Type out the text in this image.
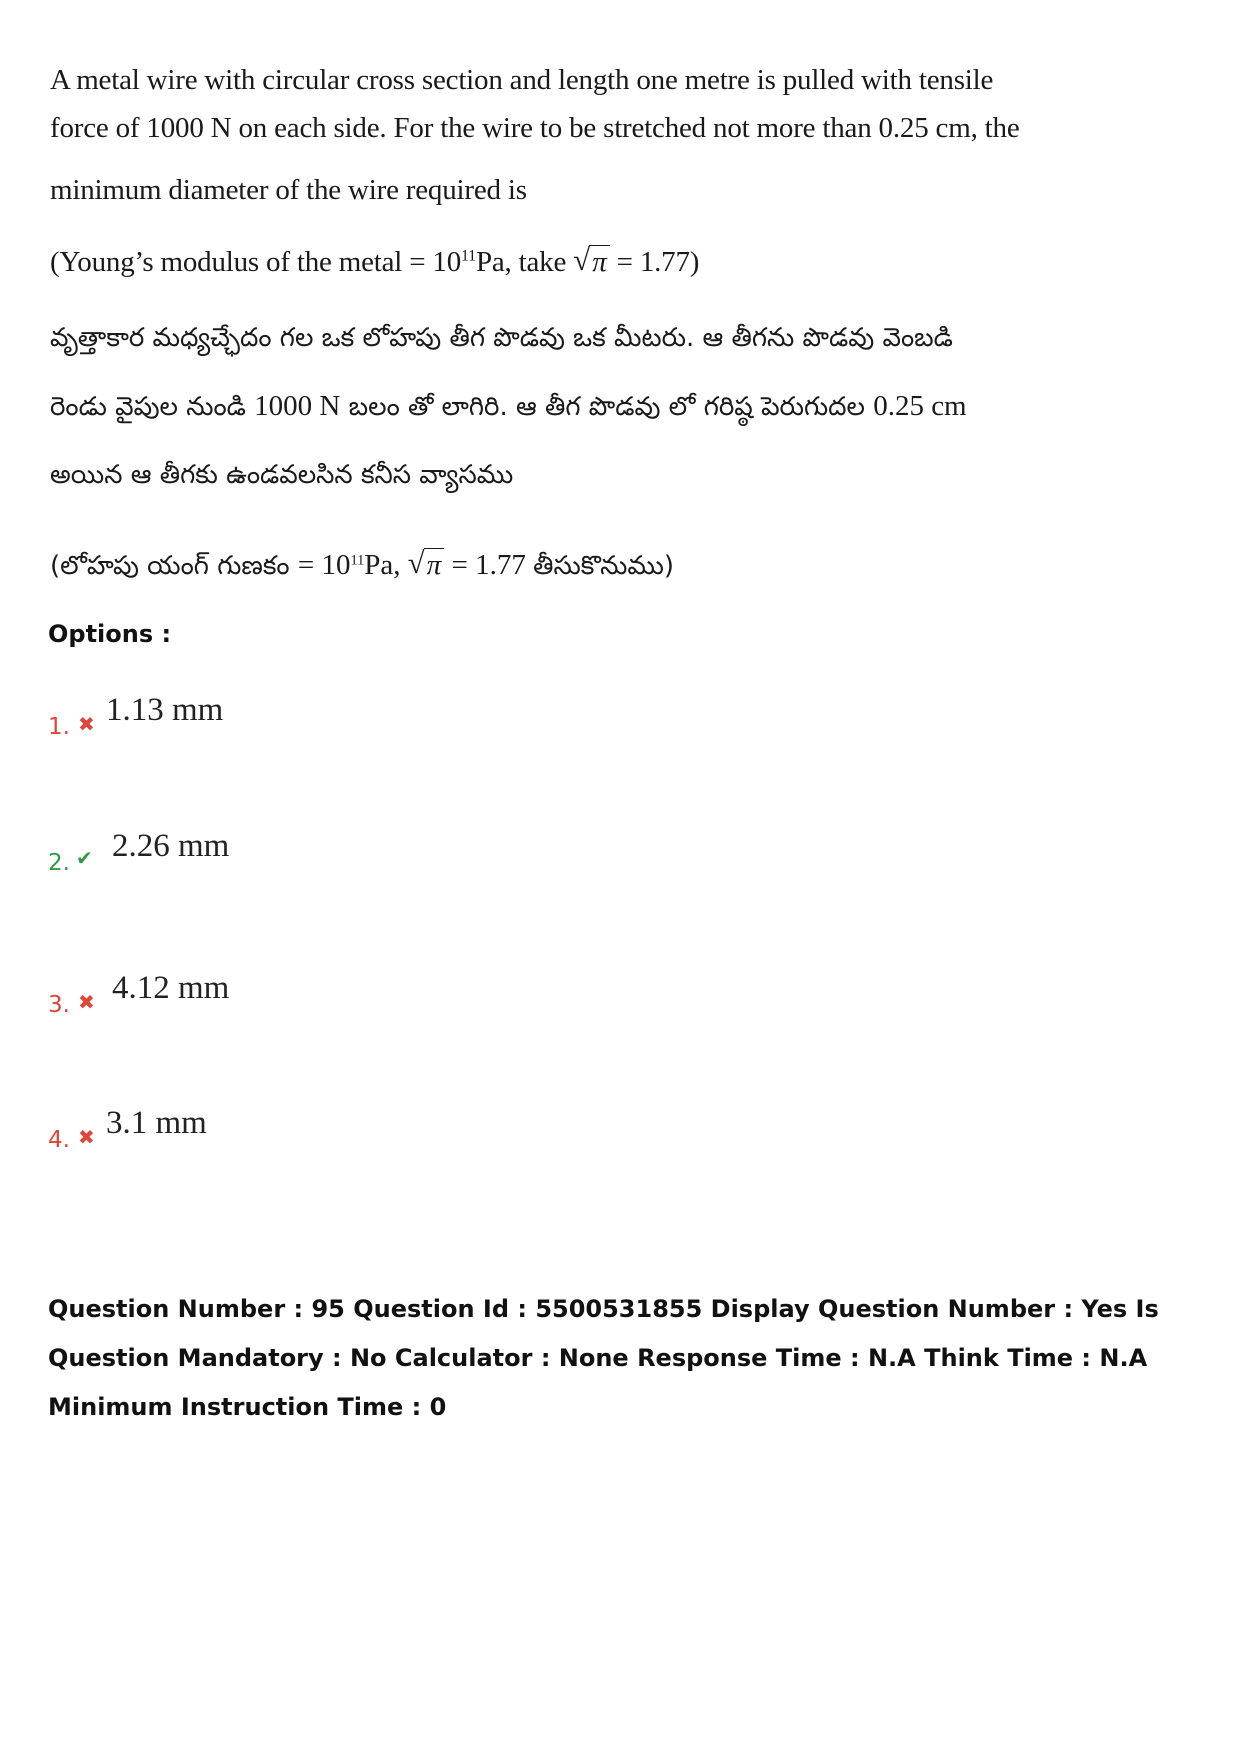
A metal wire with circular cross section and length one metre is pulled with tensile
force of 1000 N on each side. For the wire to be stretched not more than 0.25 cm, the
minimum diameter of the wire required is
(Young’s modulus of the metal = $10^{11}Pa$, take √ π = 1.77)
వృత్తాకార మధ్యచ్ఛేదం గల ఒక లోహపు తీగ పొడవు ఒక మీటరు. ఆ తీగను పొడవు వెంబడి
రెండు వైపుల నుండి 1000 N బలం తో లాగిరి. ఆ తీగ పొడవు లో గరిష్ఠ పెరుగుదల 0.25 cm
అయిన ఆ తీగకు ఉండవలసిన కనీస వ్యాసము
(లోహపు యంగ్ గుణకం = $10^{11}Pa$, √ π = 1.77 తీసుకొనుము)
Options :
1. ✖ 1.13 mm
2. ✔ 2.26 mm
3. ✖ 4.12 mm
4. ✖ 3.1 mm
Question Number : 95 Question Id : 5500531855 Display Question Number : Yes Is Question Mandatory : No Calculator : None Response Time : N.A Think Time : N.A Minimum Instruction Time : 0
